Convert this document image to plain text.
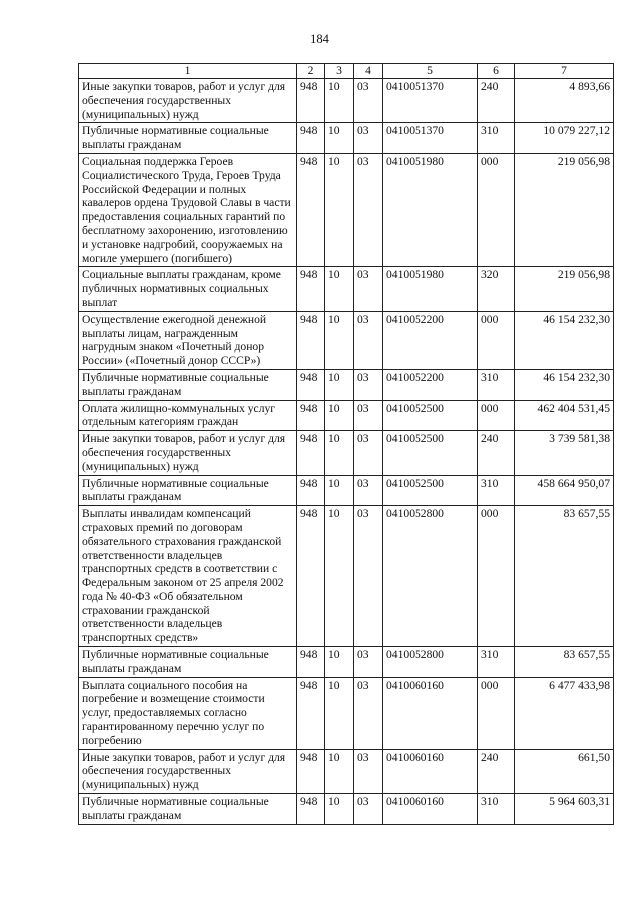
184
1	2	3	4	5	6	7
Иные закупки товаров, работ и услуг для обеспечения государственных (муниципальных) нужд	948	10	03	0410051370	240	4 893,66
Публичные нормативные социальные выплаты гражданам	948	10	03	0410051370	310	10 079 227,12
Социальная поддержка Героев Социалистического Труда, Героев Труда Российской Федерации и полных кавалеров ордена Трудовой Славы в части предоставления социальных гарантий по бесплатному захоронению, изготовлению и установке надгробий, сооружаемых на могиле умершего (погибшего)	948	10	03	0410051980	000	219 056,98
Социальные выплаты гражданам, кроме публичных нормативных социальных выплат	948	10	03	0410051980	320	219 056,98
Осуществление ежегодной денежной выплаты лицам, награжденным нагрудным знаком «Почетный донор России» («Почетный донор СССР»)	948	10	03	0410052200	000	46 154 232,30
Публичные нормативные социальные выплаты гражданам	948	10	03	0410052200	310	46 154 232,30
Оплата жилищно-коммунальных услуг отдельным категориям граждан	948	10	03	0410052500	000	462 404 531,45
Иные закупки товаров, работ и услуг для обеспечения государственных (муниципальных) нужд	948	10	03	0410052500	240	3 739 581,38
Публичные нормативные социальные выплаты гражданам	948	10	03	0410052500	310	458 664 950,07
Выплаты инвалидам компенсаций страховых премий по договорам обязательного страхования гражданской ответственности владельцев транспортных средств в соответствии с Федеральным законом от 25 апреля 2002 года № 40-ФЗ «Об обязательном страховании гражданской ответственности владельцев транспортных средств»	948	10	03	0410052800	000	83 657,55
Публичные нормативные социальные выплаты гражданам	948	10	03	0410052800	310	83 657,55
Выплата социального пособия на погребение и возмещение стоимости услуг, предоставляемых согласно гарантированному перечню услуг по погребению	948	10	03	0410060160	000	6 477 433,98
Иные закупки товаров, работ и услуг для обеспечения государственных (муниципальных) нужд	948	10	03	0410060160	240	661,50
Публичные нормативные социальные выплаты гражданам	948	10	03	0410060160	310	5 964 603,31
